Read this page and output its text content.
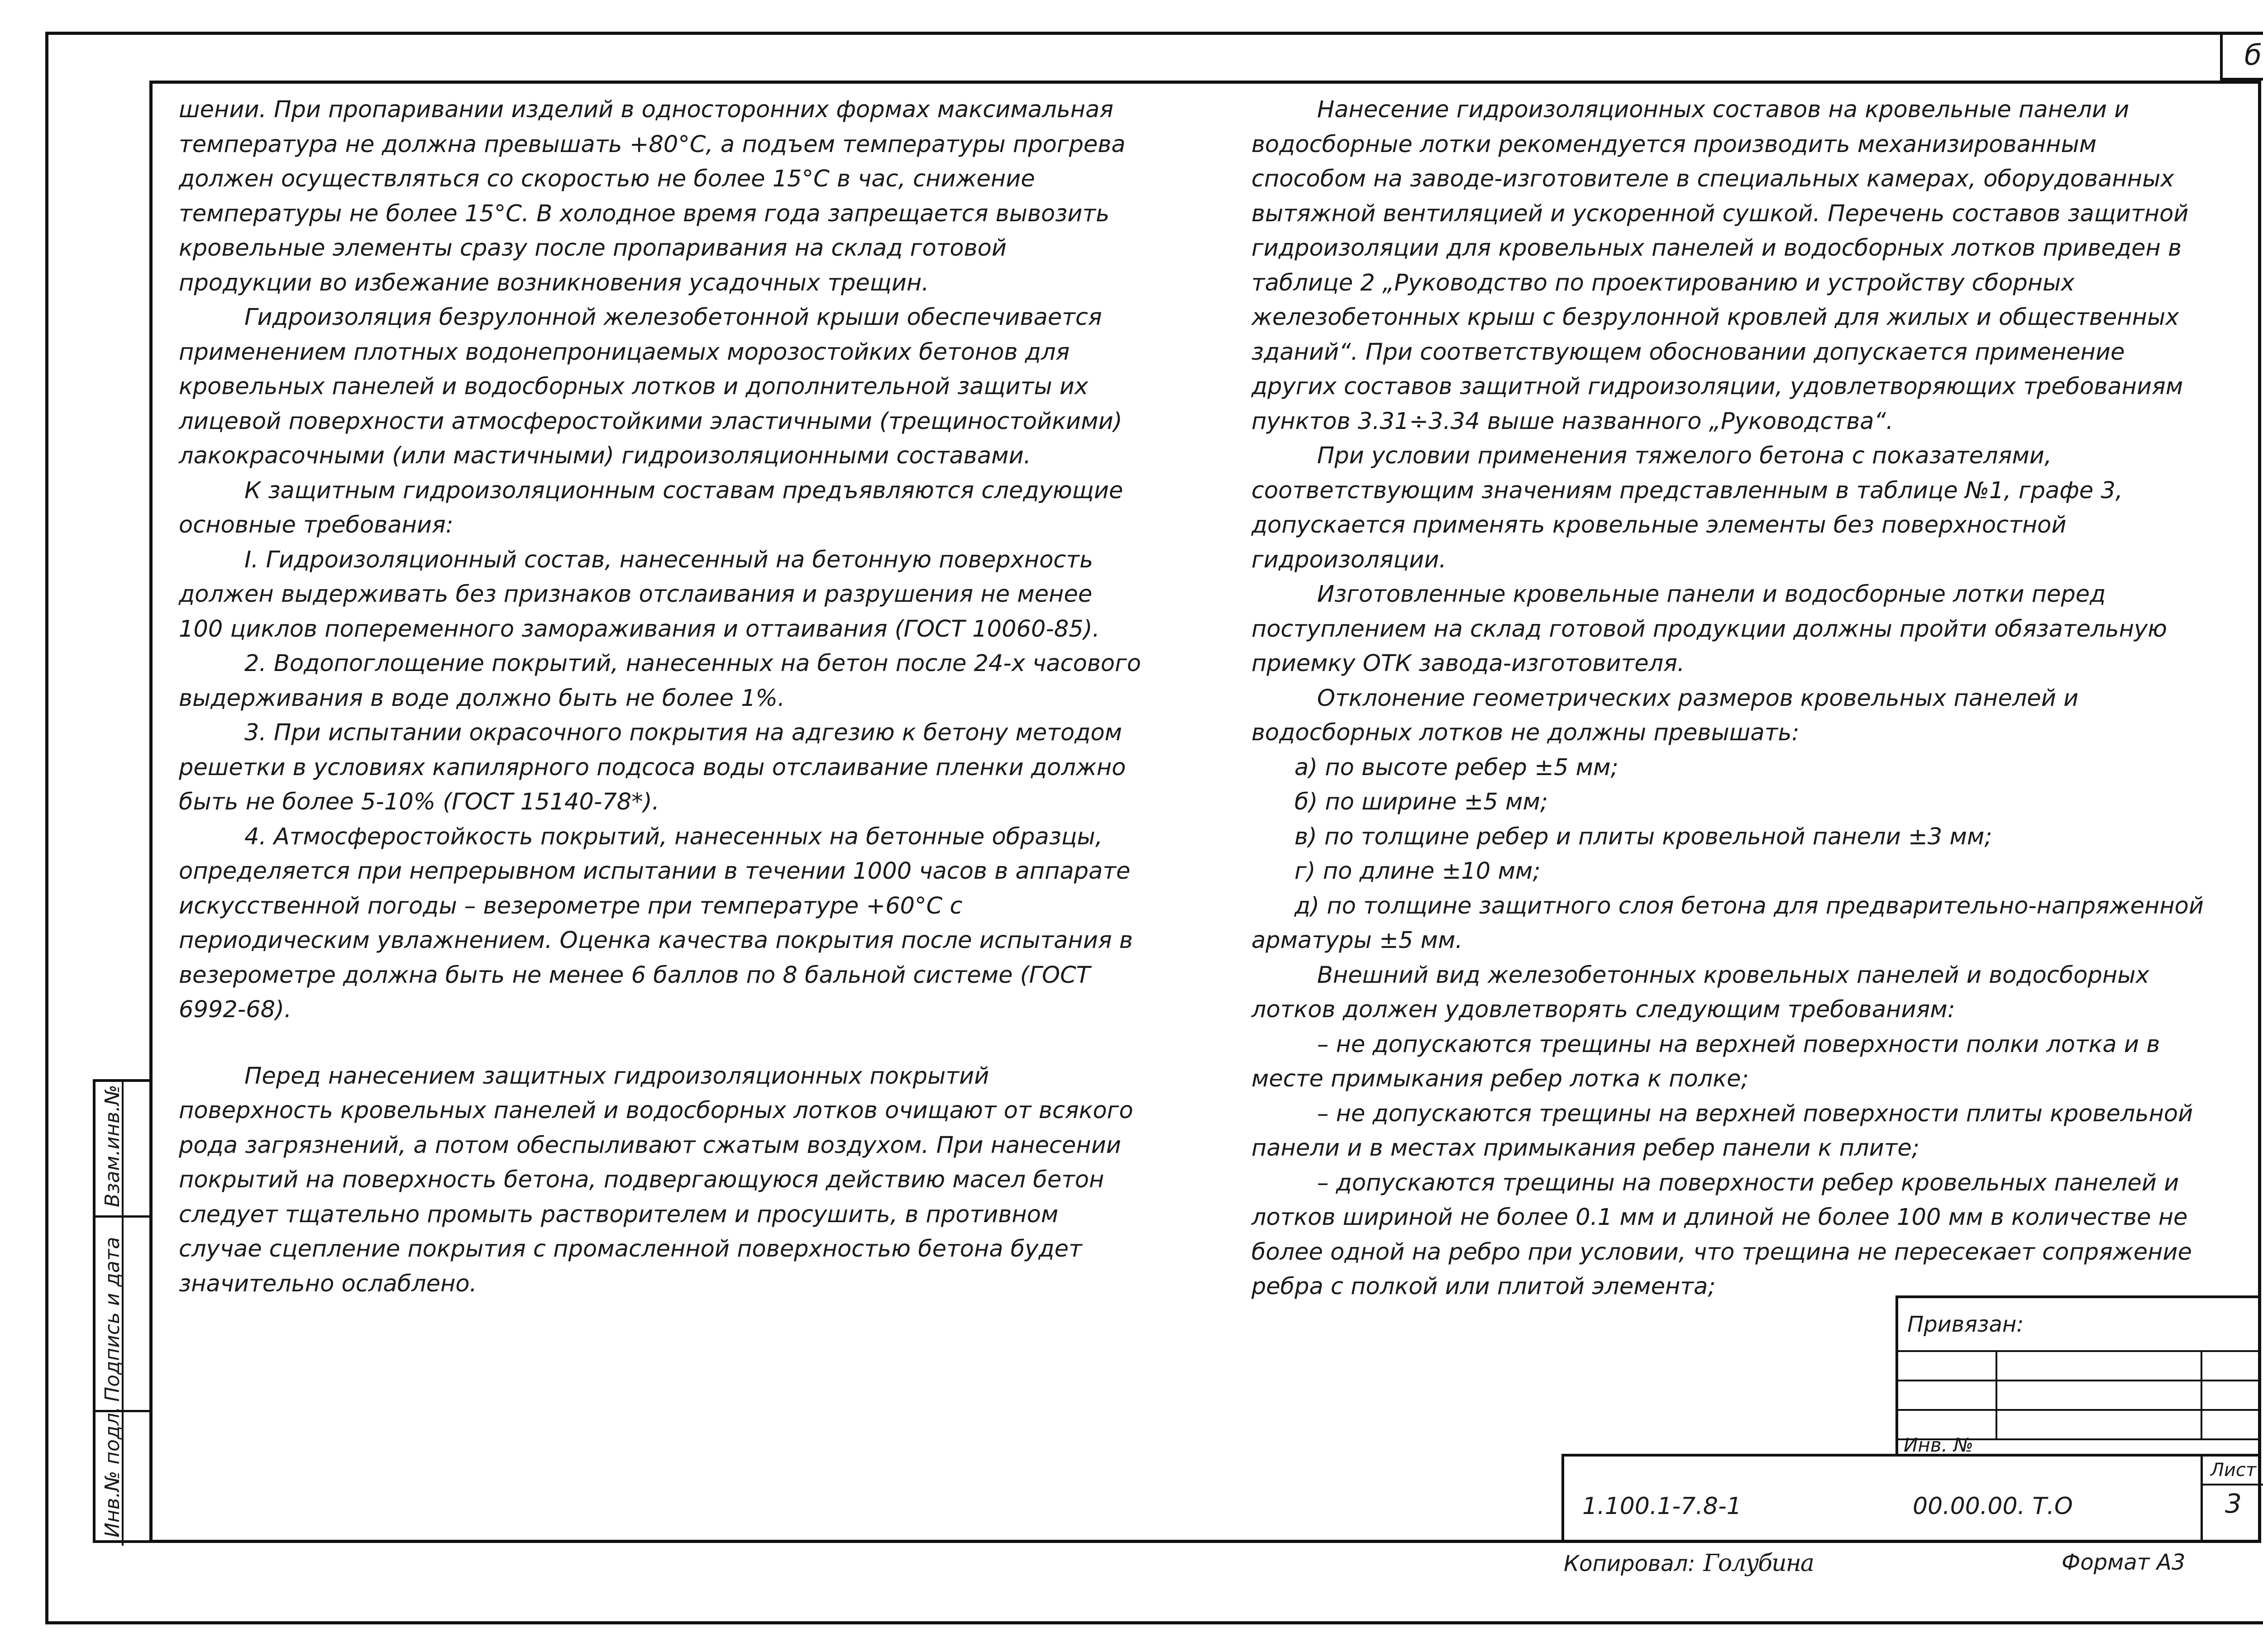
б

шении. При пропаривании изделий в односторонних формах максимальная температура не должна превышать +80°С, а подъем температуры прогрева должен осуществляться со скоростью не более 15°С в час, снижение температуры не более 15°С. В холодное время года запрещается вывозить кровельные элементы сразу после пропаривания на склад готовой продукции во избежание возникновения усадочных трещин.

Гидроизоляция безрулонной железобетонной крыши обеспечивается применением плотных водонепроницаемых морозостойких бетонов для кровельных панелей и водосборных лотков и дополнительной защиты их лицевой поверхности атмосферостойкими эластичными (трещиностойкими) лакокрасочными (или мастичными) гидроизоляционными составами.

К защитным гидроизоляционным составам предъявляются следующие основные требования:

I. Гидроизоляционный состав, нанесенный на бетонную поверхность должен выдерживать без признаков отслаивания и разрушения не менее 100 циклов попеременного замораживания и оттаивания (ГОСТ 10060-85).

2. Водопоглощение покрытий, нанесенных на бетон после 24-х часового выдерживания в воде должно быть не более 1%.

3. При испытании окрасочного покрытия на адгезию к бетону методом решетки в условиях капилярного подсоса воды отслаивание пленки должно быть не более 5-10% (ГОСТ 15140-78*).

4. Атмосферостойкость покрытий, нанесенных на бетонные образцы, определяется при непрерывном испытании в течении 1000 часов в аппарате искусственной погоды – везерометре при температуре +60°С с периодическим увлажнением. Оценка качества покрытия после испытания в везерометре должна быть не менее 6 баллов по 8 бальной системе (ГОСТ 6992-68).

Перед нанесением защитных гидроизоляционных покрытий поверхность кровельных панелей и водосборных лотков очищают от всякого рода загрязнений, а потом обеспыливают сжатым воздухом. При нанесении покрытий на поверхность бетона, подвергающуюся действию масел бетон следует тщательно промыть растворителем и просушить, в противном случае сцепление покрытия с промасленной поверхностью бетона будет значительно ослаблено.

Нанесение гидроизоляционных составов на кровельные панели и водосборные лотки рекомендуется производить механизированным способом на заводе-изготовителе в специальных камерах, оборудованных вытяжной вентиляцией и ускоренной сушкой. Перечень составов защитной гидроизоляции для кровельных панелей и водосборных лотков приведен в таблице 2 „Руководство по проектированию и устройству сборных железобетонных крыш с безрулонной кровлей для жилых и общественных зданий“. При соответствующем обосновании допускается применение других составов защитной гидроизоляции, удовлетворяющих требованиям пунктов 3.31÷3.34 выше названного „Руководства“.

При условии применения тяжелого бетона с показателями, соответствующим значениям представленным в таблице №1, графе 3, допускается применять кровельные элементы без поверхностной гидроизоляции.

Изготовленные кровельные панели и водосборные лотки перед поступлением на склад готовой продукции должны пройти обязательную приемку ОТК завода-изготовителя.

Отклонение геометрических размеров кровельных панелей и водосборных лотков не должны превышать:

а) по высоте ребер ±5 мм;

б) по ширине ±5 мм;

в) по толщине ребер и плиты кровельной панели ±3 мм;

г) по длине ±10 мм;

д) по толщине защитного слоя бетона для предварительно-напряженной арматуры ±5 мм.

Внешний вид железобетонных кровельных панелей и водосборных лотков должен удовлетворять следующим требованиям:

– не допускаются трещины на верхней поверхности полки лотка и в месте примыкания ребер лотка к полке;

– не допускаются трещины на верхней поверхности плиты кровельной панели и в местах примыкания ребер панели к плите;

– допускаются трещины на поверхности ребер кровельных панелей и лотков шириной не более 0.1 мм и длиной не более 100 мм в количестве не более одной на ребро при условии, что трещина не пересекает сопряжение ребра с полкой или плитой элемента;

Взам.инв.№
Подпись и дата
Инв.№ подл.
Привязан:
Инв. №
1.100.1-7.8-1	00.00.00. Т.О
Лист
3
Копировал: Голубина	Формат А3
